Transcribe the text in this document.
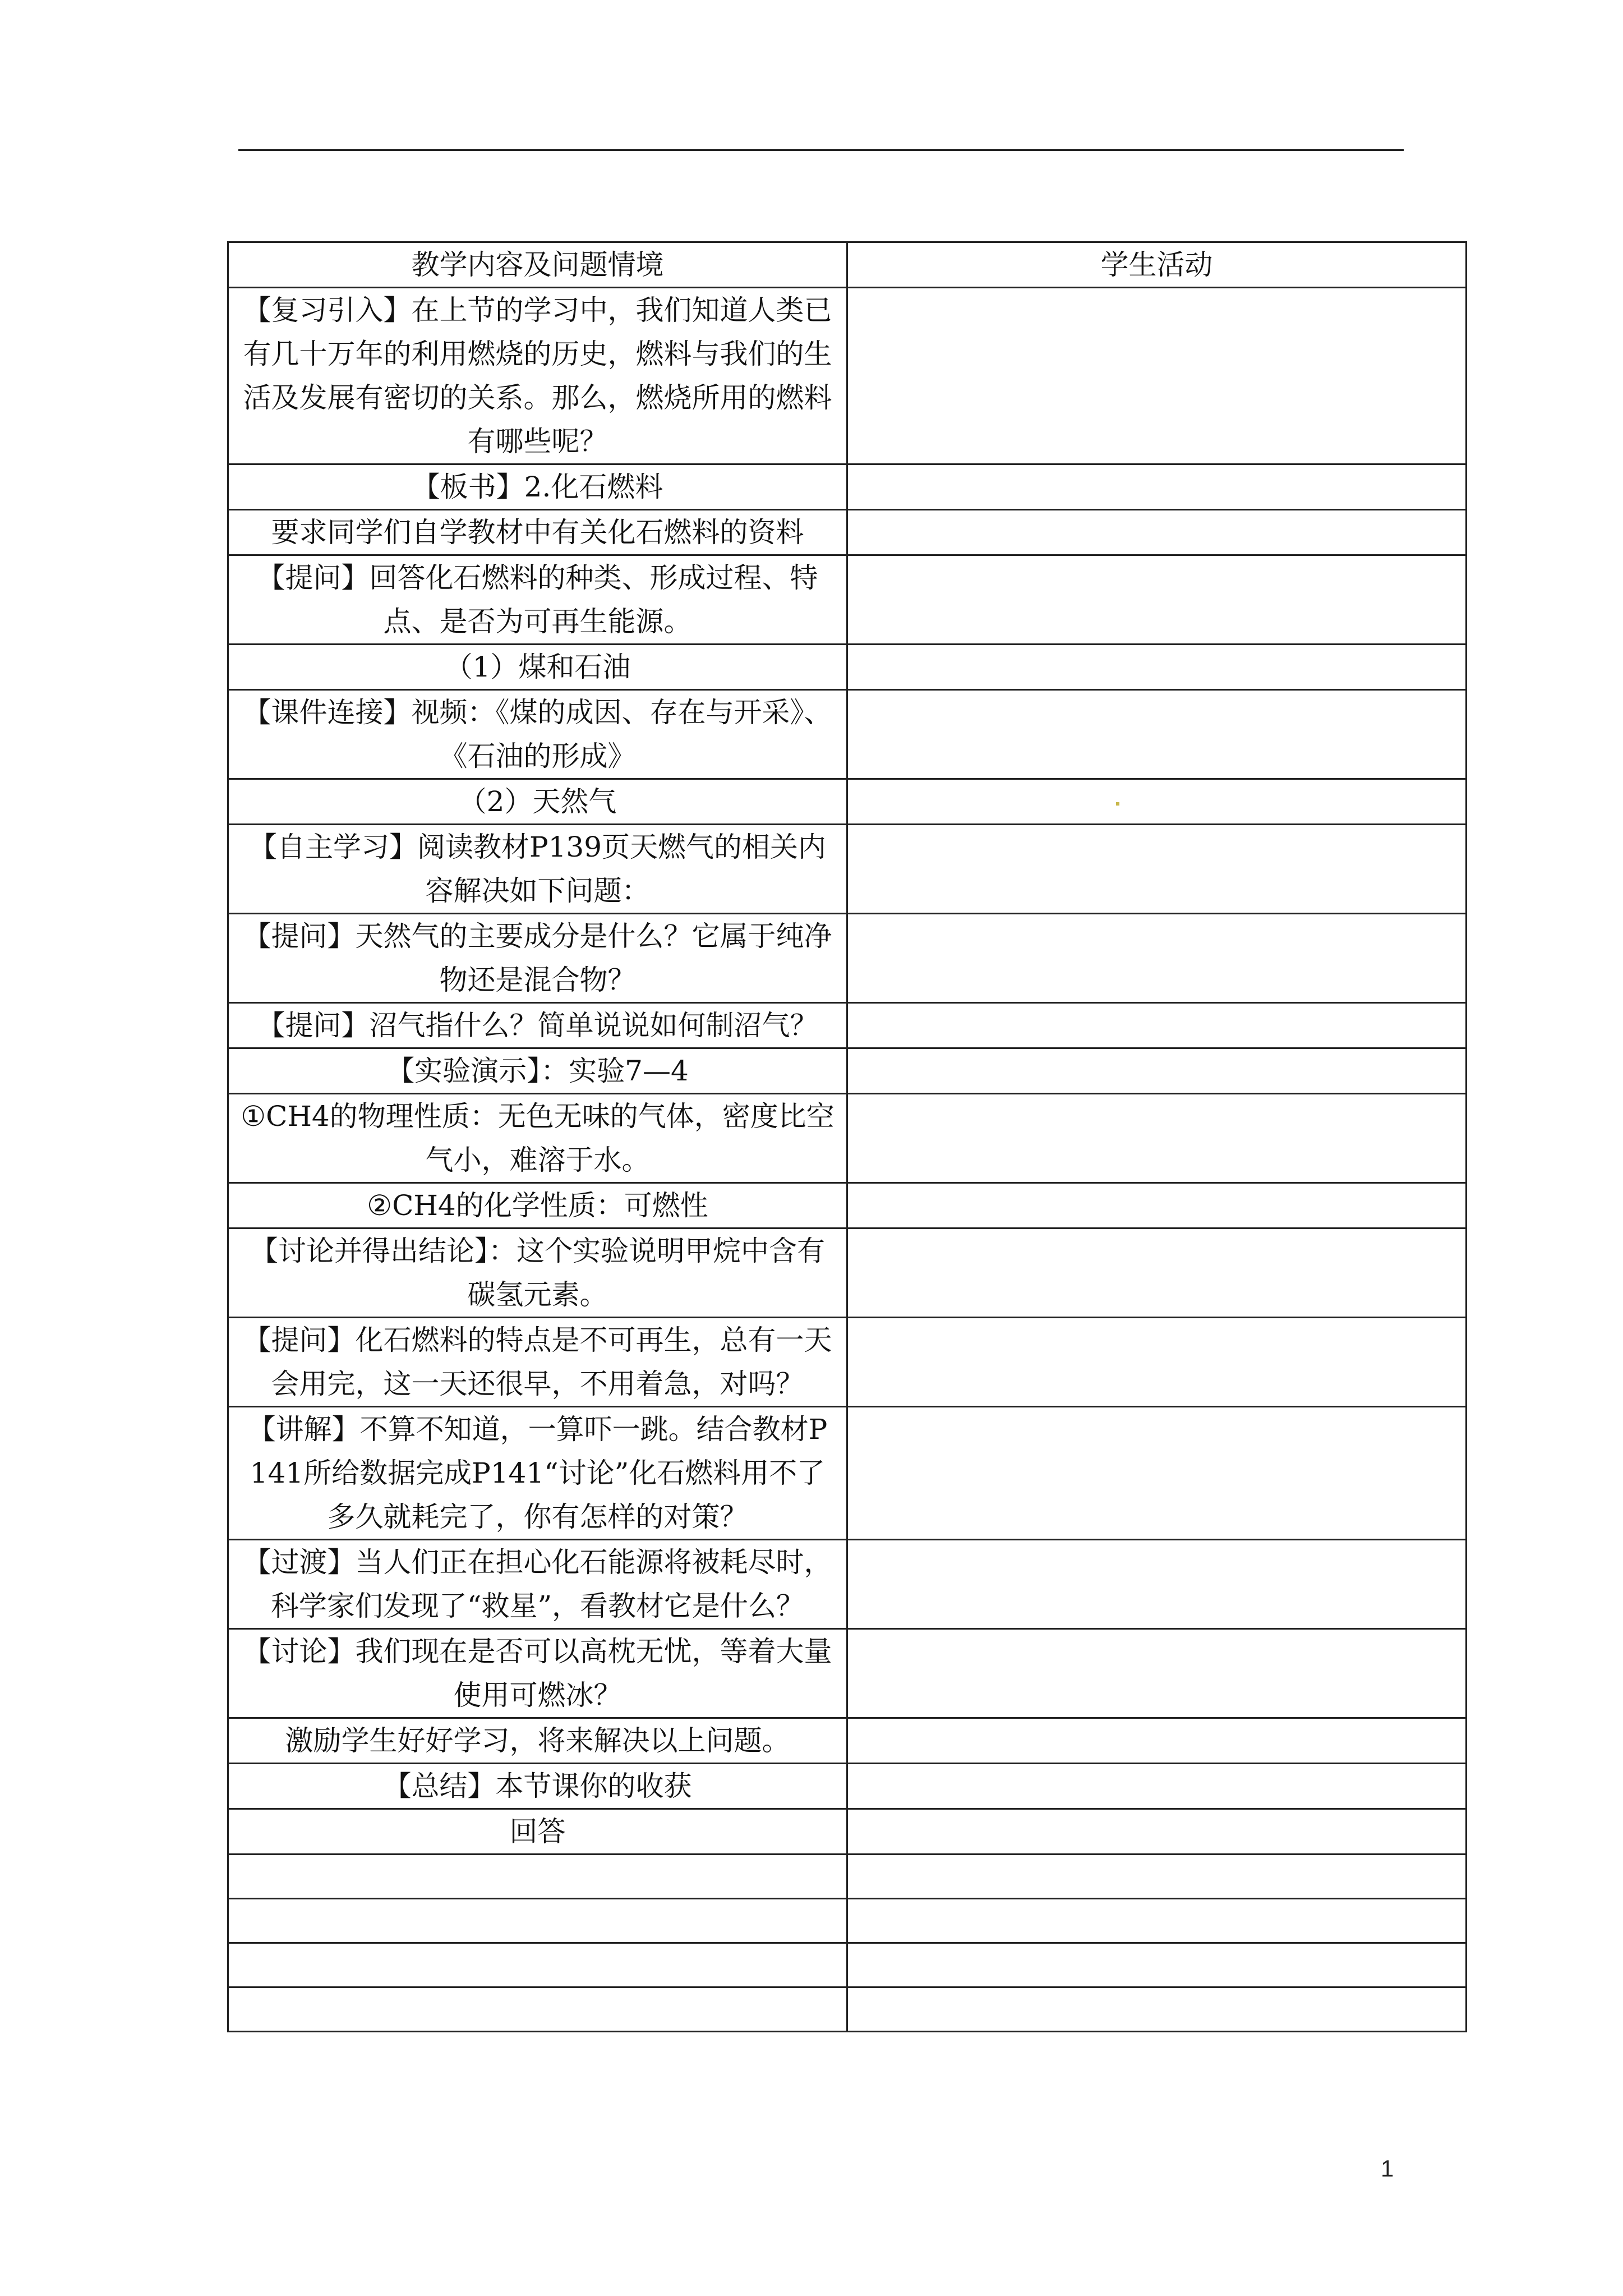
教学内容及问题情境	学生活动
【复习引入】在上节的学习中，我们知道人类已有几十万年的利用燃烧的历史，燃料与我们的生活及发展有密切的关系。那么，燃烧所用的燃料有哪些呢？	
【板书】2.化石燃料	
要求同学们自学教材中有关化石燃料的资料	
【提问】回答化石燃料的种类、形成过程、特点、是否为可再生能源。	
（1）煤和石油	
【课件连接】视频：《煤的成因、存在与开采》、《石油的形成》	
（2）天然气	
【自主学习】阅读教材P139页天燃气的相关内容解决如下问题：	
【提问】天然气的主要成分是什么？它属于纯净物还是混合物？	
【提问】沼气指什么？简单说说如何制沼气？	
【实验演示】：实验7—4	
①CH4的物理性质：无色无味的气体，密度比空气小，难溶于水。	
②CH4的化学性质：可燃性	
【讨论并得出结论】：这个实验说明甲烷中含有碳氢元素。	
【提问】化石燃料的特点是不可再生，总有一天会用完，这一天还很早，不用着急，对吗？	
【讲解】不算不知道，一算吓一跳。结合教材P141所给数据完成P141“讨论”化石燃料用不了多久就耗完了，你有怎样的对策？	
【过渡】当人们正在担心化石能源将被耗尽时，科学家们发现了“救星”，看教材它是什么？	
【讨论】我们现在是否可以高枕无忧，等着大量使用可燃冰？	
激励学生好好学习，将来解决以上问题。	
【总结】本节课你的收获	
回答	

1
